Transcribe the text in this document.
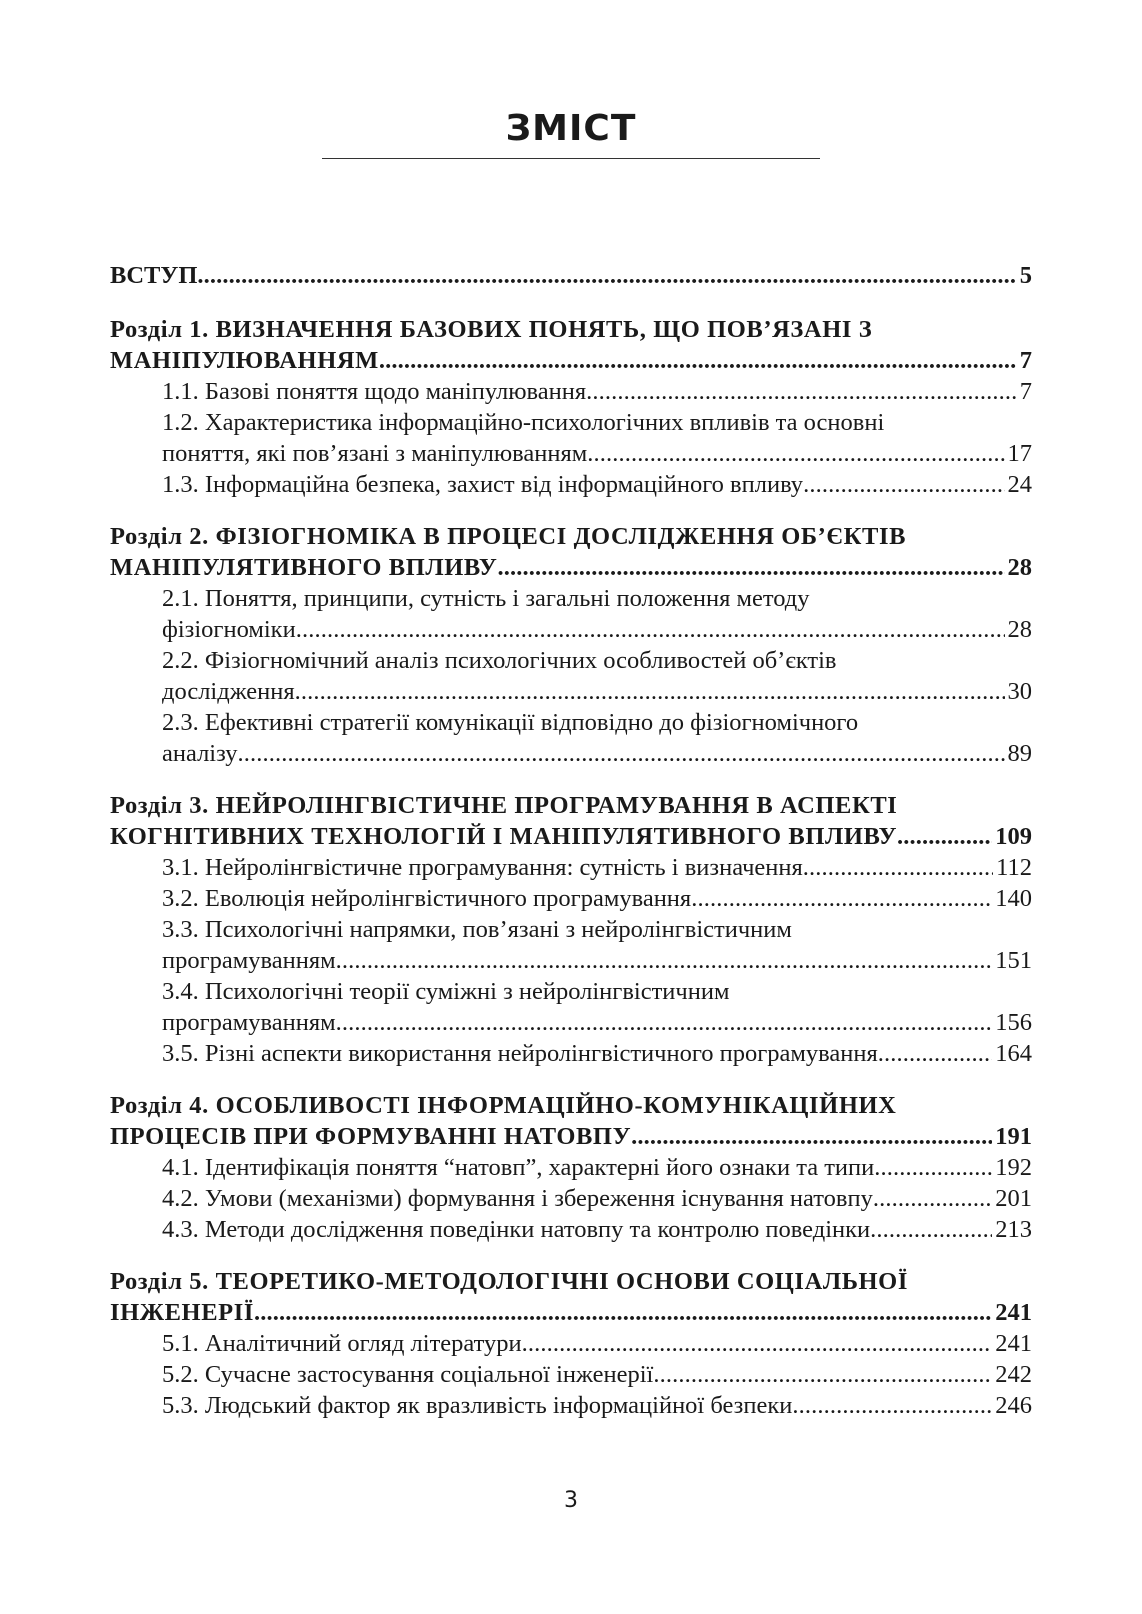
ЗМІСТ
ВСТУП . . .	5
Розділ 1. ВИЗНАЧЕННЯ БАЗОВИХ ПОНЯТЬ, ЩО ПОВ’ЯЗАНІ З
МАНІПУЛЮВАННЯМ . . .	7
1.1. Базові поняття щодо маніпулювання . . .	7
1.2. Характеристика інформаційно-психологічних впливів та основні
поняття, які пов’язані з маніпулюванням . . .	17
1.3. Інформаційна безпека, захист від інформаційного впливу . . .	24
Розділ 2. ФІЗІОГНОМІКА В ПРОЦЕСІ ДОСЛІДЖЕННЯ ОБ’ЄКТІВ
МАНІПУЛЯТИВНОГО ВПЛИВУ . . .	28
2.1. Поняття, принципи, сутність і загальні положення методу
фізіогноміки . . .	28
2.2. Фізіогномічний аналіз психологічних особливостей об’єктів
дослідження . . .	30
2.3. Ефективні стратегії комунікації відповідно до фізіогномічного
аналізу . . .	89
Розділ 3. НЕЙРОЛІНГВІСТИЧНЕ ПРОГРАМУВАННЯ В АСПЕКТІ
КОГНІТИВНИХ ТЕХНОЛОГІЙ І МАНІПУЛЯТИВНОГО ВПЛИВУ . . .	109
3.1. Нейролінгвістичне програмування: сутність і визначення . . .	112
3.2. Еволюція нейролінгвістичного програмування . . .	140
3.3. Психологічні напрямки, пов’язані з нейролінгвістичним
програмуванням . . .	151
3.4. Психологічні теорії суміжні з нейролінгвістичним
програмуванням . . .	156
3.5. Різні аспекти використання нейролінгвістичного програмування . . .	164
Розділ 4. ОСОБЛИВОСТІ ІНФОРМАЦІЙНО-КОМУНІКАЦІЙНИХ
ПРОЦЕСІВ ПРИ ФОРМУВАННІ НАТОВПУ . . .	191
4.1. Ідентифікація поняття “натовп”, характерні його ознаки та типи . . .	192
4.2. Умови (механізми) формування і збереження існування натовпу . . .	201
4.3. Методи дослідження поведінки натовпу та контролю поведінки . . .	213
Розділ 5. ТЕОРЕТИКО-МЕТОДОЛОГІЧНІ ОСНОВИ СОЦІАЛЬНОЇ
ІНЖЕНЕРІЇ . . .	241
5.1. Аналітичний огляд літератури . . .	241
5.2. Сучасне застосування соціальної інженерії . . .	242
5.3. Людський фактор як вразливість інформаційної безпеки . . .	246
3
